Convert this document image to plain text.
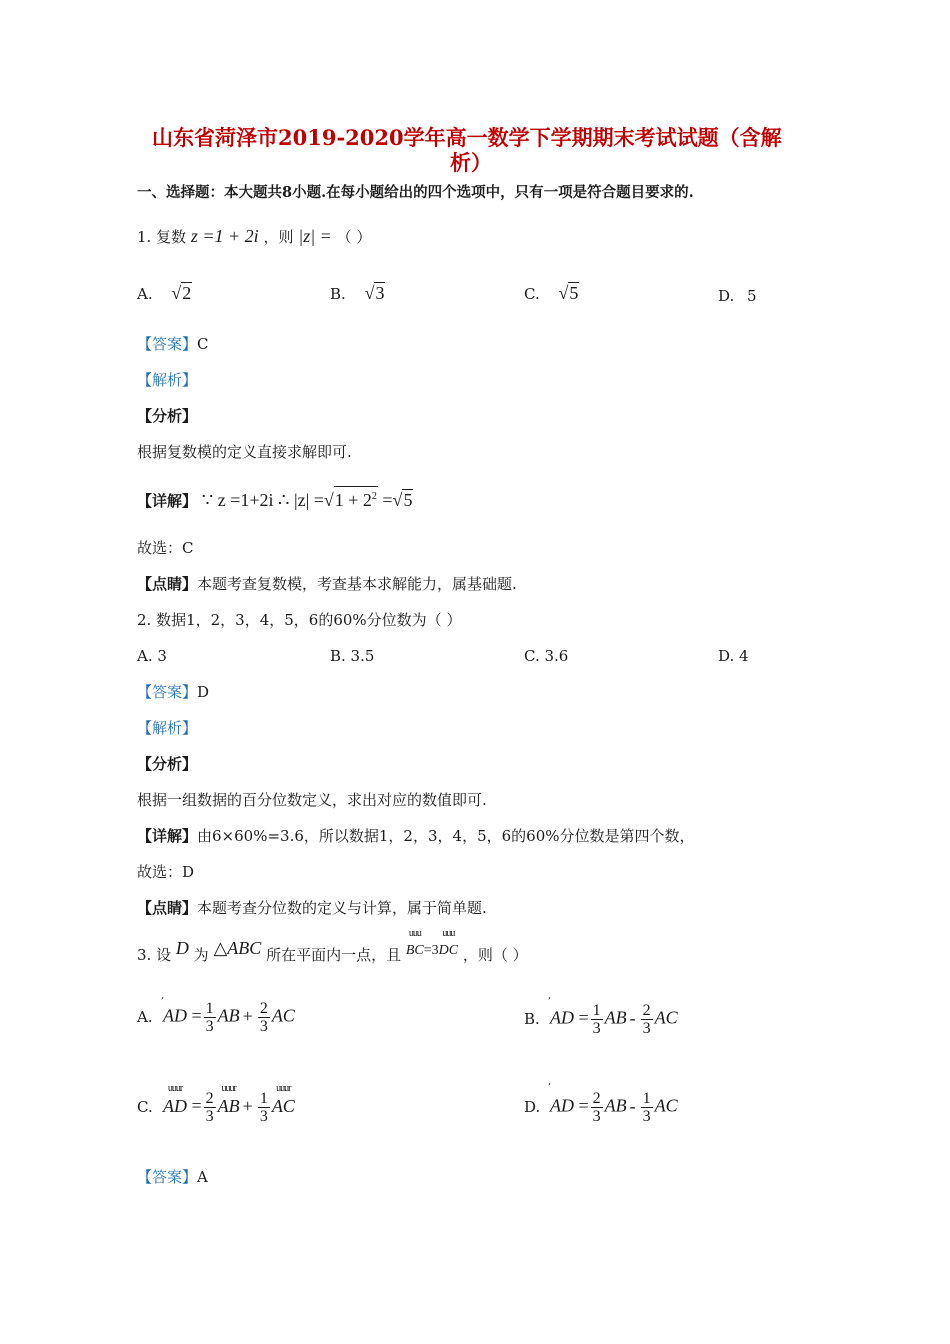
山东省菏泽市2019-2020学年高一数学下学期期末考试试题（含解
析）
一、选择题：本大题共8小题.在每小题给出的四个选项中，只有一项是符合题目要求的.
1. 复数 z =1 + 2i ，则 |z| = （ ）
A. √2	B. √3	C. √5	D. 5
【答案】C
【解析】
【分析】
根据复数模的定义直接求解即可.
【详解】 ∵ z =1+2i ∴ $|z| =√1 + 2^2 =√5$
故选：C
【点睛】本题考查复数模，考查基本求解能力，属基础题.
2. 数据1，2，3，4，5，6的60%分位数为（ ）
A. 3	B. 3.5	C. 3.6	D. 4
【答案】D
【解析】
【分析】
根据一组数据的百分位数定义，求出对应的数值即可.
【详解】由6×60%=3.6，所以数据1，2，3，4，5，6的60%分位数是第四个数，
故选：D
【点睛】本题考查分位数的定义与计算，属于简单题.
3. 设 D 为 △ABC 所在平面内一点，且
uuu
BC=3
uuu
DC ，则（ ）
,
A. AD = $\frac{1}{3}$ AB + $\frac{2}{3}$ AC
,
B. AD = $\frac{1}{3}$ AB - $\frac{2}{3}$ AC
C.
uuur
AD = $\frac{2}{3}$
uuur
AB + $\frac{1}{3}$
uuur
AC
,
D. AD = $\frac{2}{3}$ AB - $\frac{1}{3}$ AC
【答案】A
